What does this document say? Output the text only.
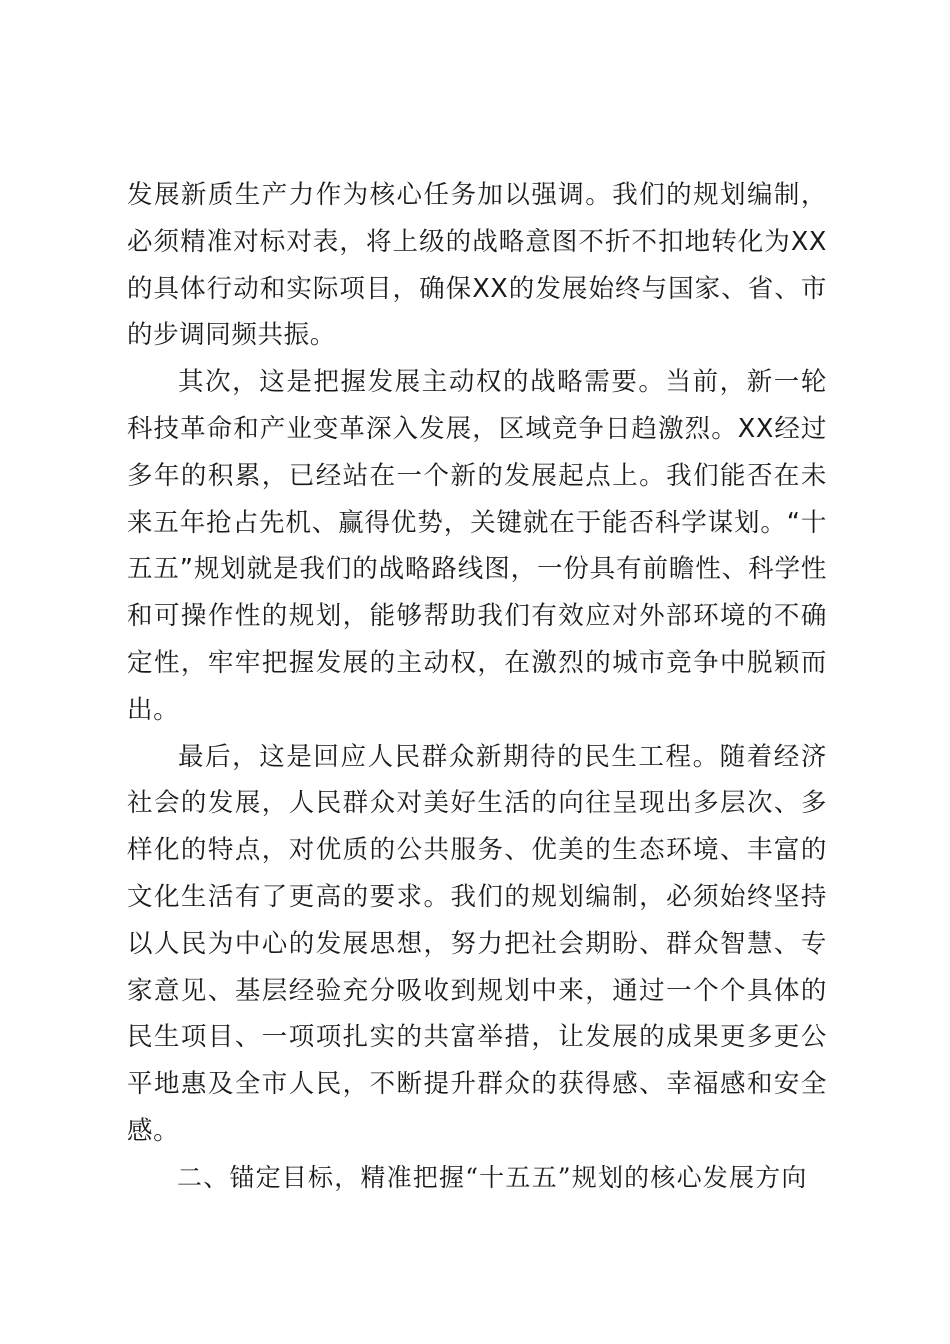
发展新质生产力作为核心任务加以强调。我们的规划编制，必须精准对标对表，将上级的战略意图不折不扣地转化为XX的具体行动和实际项目，确保XX的发展始终与国家、省、市的步调同频共振。

其次，这是把握发展主动权的战略需要。当前，新一轮科技革命和产业变革深入发展，区域竞争日趋激烈。XX经过多年的积累，已经站在一个新的发展起点上。我们能否在未来五年抢占先机、赢得优势，关键就在于能否科学谋划。“十五五”规划就是我们的战略路线图，一份具有前瞻性、科学性和可操作性的规划，能够帮助我们有效应对外部环境的不确定性，牢牢把握发展的主动权，在激烈的城市竞争中脱颖而出。

最后，这是回应人民群众新期待的民生工程。随着经济社会的发展，人民群众对美好生活的向往呈现出多层次、多样化的特点，对优质的公共服务、优美的生态环境、丰富的文化生活有了更高的要求。我们的规划编制，必须始终坚持以人民为中心的发展思想，努力把社会期盼、群众智慧、专家意见、基层经验充分吸收到规划中来，通过一个个具体的民生项目、一项项扎实的共富举措，让发展的成果更多更公平地惠及全市人民，不断提升群众的获得感、幸福感和安全感。

二、锚定目标，精准把握“十五五”规划的核心发展方向
